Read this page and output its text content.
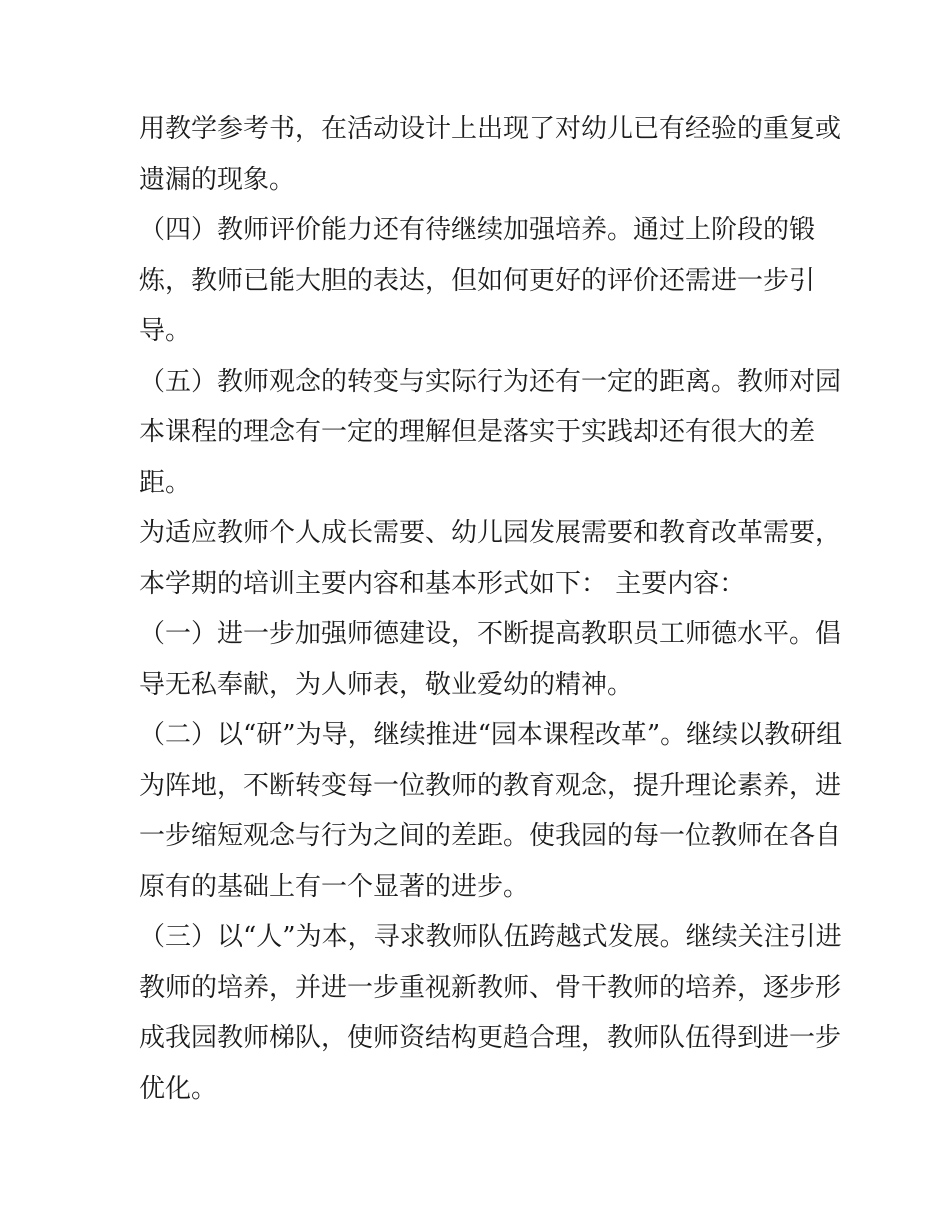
用教学参考书，在活动设计上出现了对幼儿已有经验的重复或
遗漏的现象。
（四）教师评价能力还有待继续加强培养。通过上阶段的锻
炼，教师已能大胆的表达，但如何更好的评价还需进一步引
导。
（五）教师观念的转变与实际行为还有一定的距离。教师对园
本课程的理念有一定的理解但是落实于实践却还有很大的差
距。
为适应教师个人成长需要、幼儿园发展需要和教育改革需要，
本学期的培训主要内容和基本形式如下： 主要内容：
（一）进一步加强师德建设，不断提高教职员工师德水平。倡
导无私奉献，为人师表，敬业爱幼的精神。
（二）以“研”为导，继续推进“园本课程改革”。继续以教研组
为阵地，不断转变每一位教师的教育观念，提升理论素养，进
一步缩短观念与行为之间的差距。使我园的每一位教师在各自
原有的基础上有一个显著的进步。
（三）以“人”为本，寻求教师队伍跨越式发展。继续关注引进
教师的培养，并进一步重视新教师、骨干教师的培养，逐步形
成我园教师梯队，使师资结构更趋合理，教师队伍得到进一步
优化。
